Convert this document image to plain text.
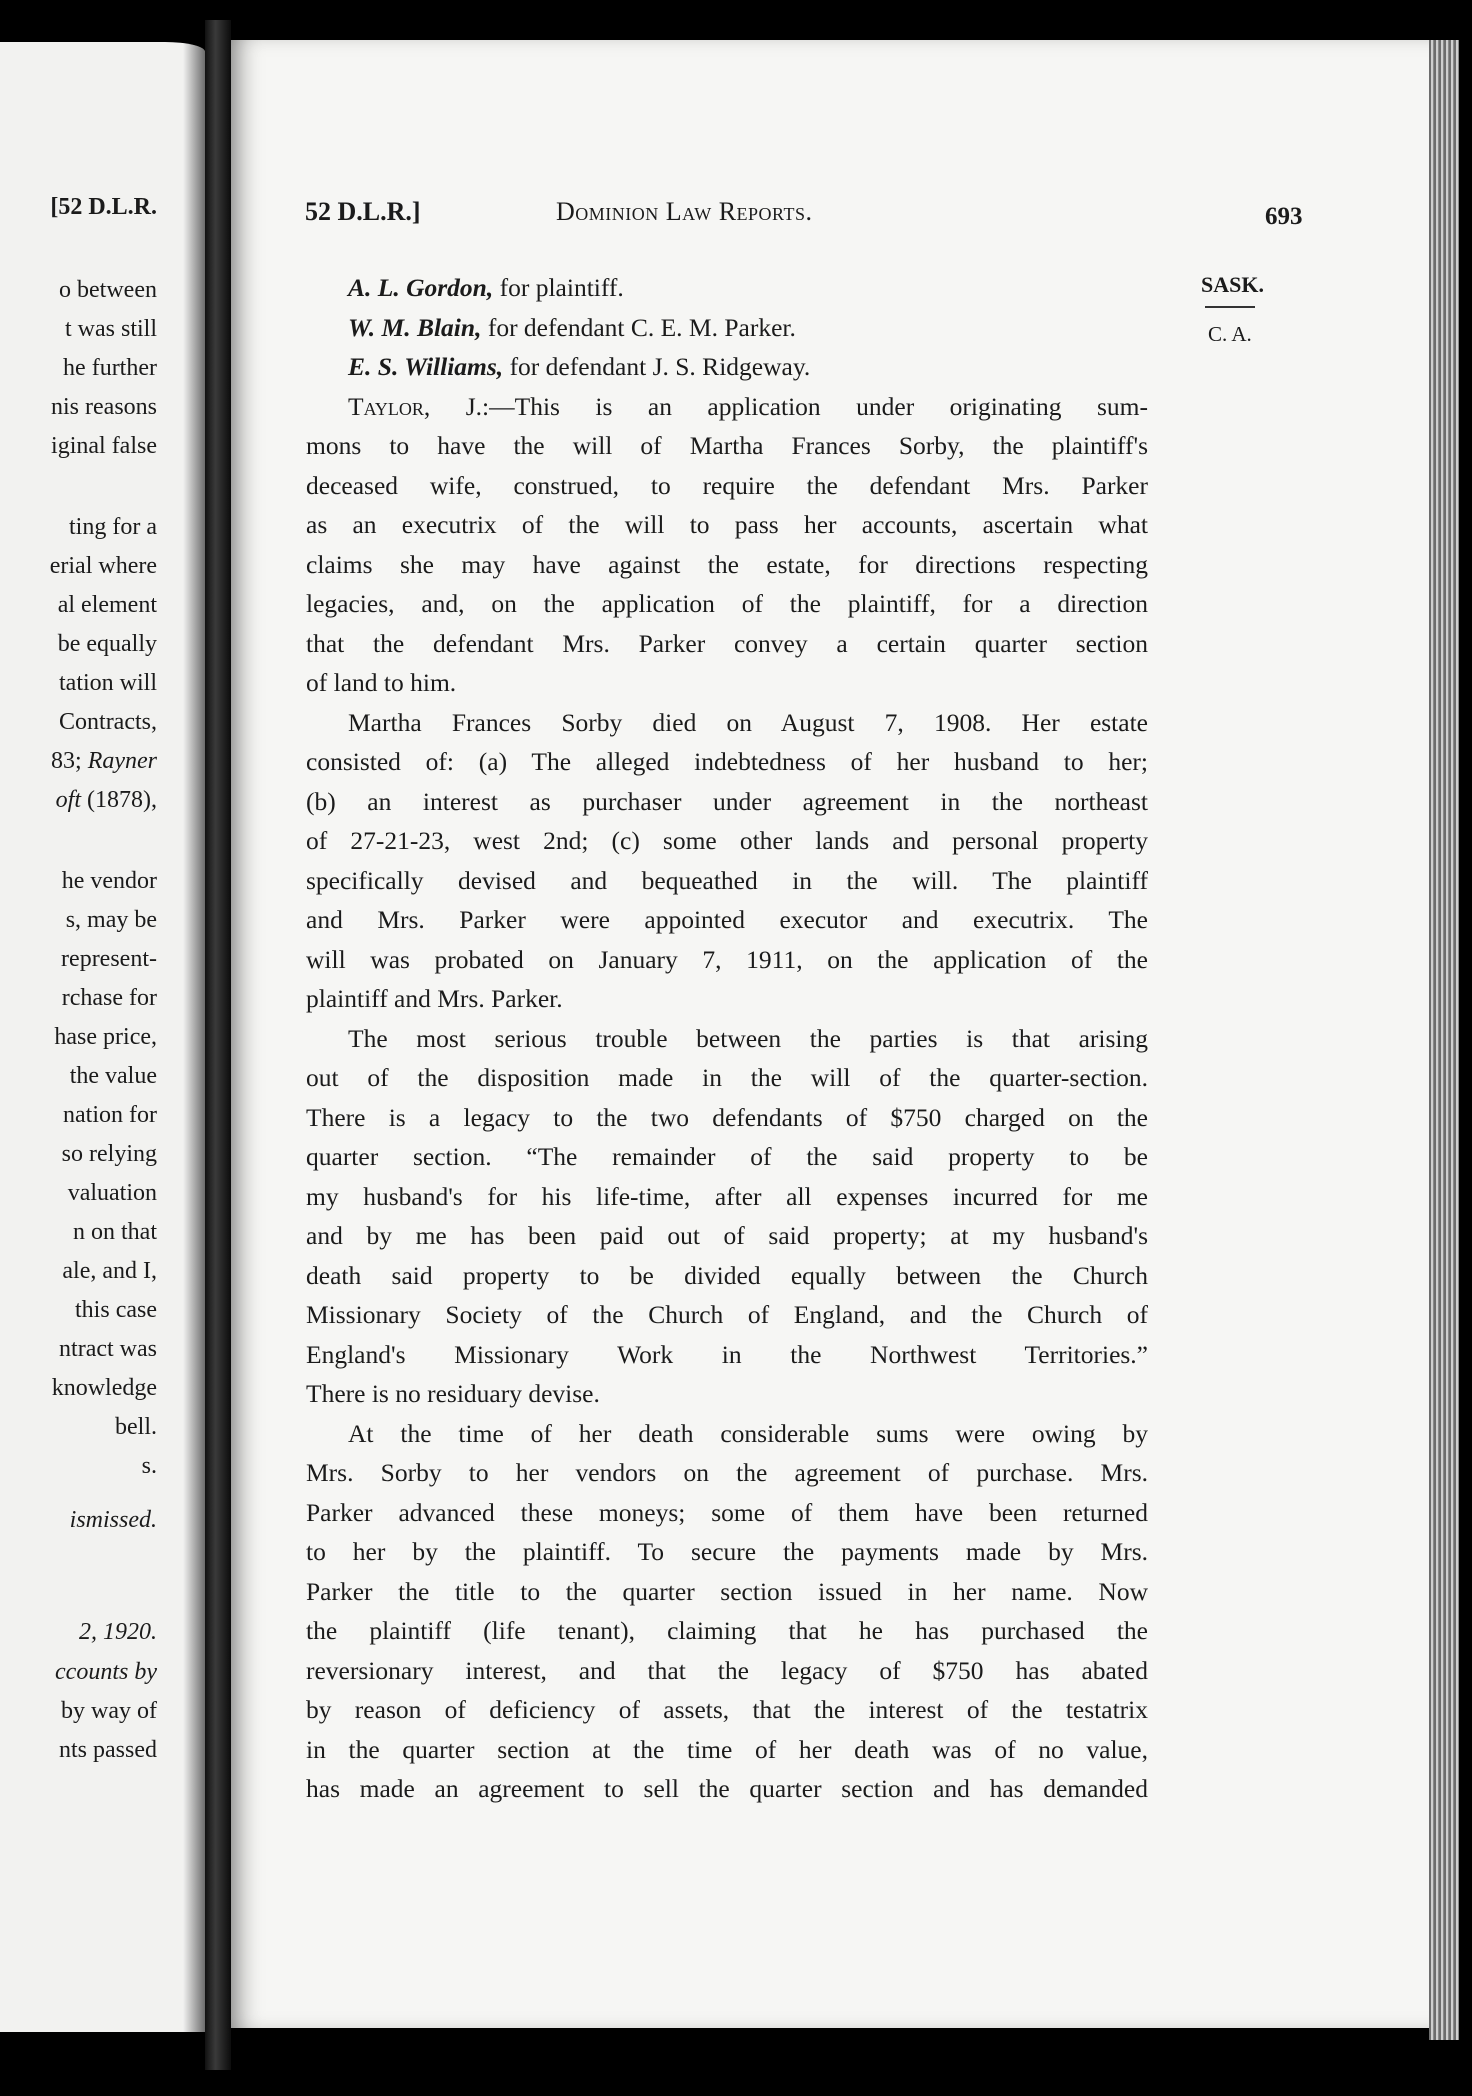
[52 D.L.R.
o between
t was still
he further
nis reasons
iginal false
ting for a
erial where
al element
be equally
tation will
Contracts,
83; Rayner
oft (1878),
he vendor
s, may be
represent-
rchase for
hase price,
the value
nation for
so relying
valuation
n on that
ale, and I,
this case
ntract was
knowledge
bell.
s.
ismissed.
2, 1920.
ccounts by
by way of
nts passed
52 D.L.R.]	Dominion Law Reports.	693
SASK.
C. A.
A. L. Gordon, for plaintiff.
W. M. Blain, for defendant C. E. M. Parker.
E. S. Williams, for defendant J. S. Ridgeway.
Taylor, J.:—This is an application under originating sum-
mons to have the will of Martha Frances Sorby, the plaintiff's
deceased wife, construed, to require the defendant Mrs. Parker
as an executrix of the will to pass her accounts, ascertain what
claims she may have against the estate, for directions respecting
legacies, and, on the application of the plaintiff, for a direction
that the defendant Mrs. Parker convey a certain quarter section
of land to him.
Martha Frances Sorby died on August 7, 1908. Her estate
consisted of: (a) The alleged indebtedness of her husband to her;
(b) an interest as purchaser under agreement in the northeast
of 27-21-23, west 2nd; (c) some other lands and personal property
specifically devised and bequeathed in the will. The plaintiff
and Mrs. Parker were appointed executor and executrix. The
will was probated on January 7, 1911, on the application of the
plaintiff and Mrs. Parker.
The most serious trouble between the parties is that arising
out of the disposition made in the will of the quarter-section.
There is a legacy to the two defendants of $750 charged on the
quarter section. “The remainder of the said property to be
my husband's for his life-time, after all expenses incurred for me
and by me has been paid out of said property; at my husband's
death said property to be divided equally between the Church
Missionary Society of the Church of England, and the Church of
England's Missionary Work in the Northwest Territories.”
There is no residuary devise.
At the time of her death considerable sums were owing by
Mrs. Sorby to her vendors on the agreement of purchase. Mrs.
Parker advanced these moneys; some of them have been returned
to her by the plaintiff. To secure the payments made by Mrs.
Parker the title to the quarter section issued in her name. Now
the plaintiff (life tenant), claiming that he has purchased the
reversionary interest, and that the legacy of $750 has abated
by reason of deficiency of assets, that the interest of the testatrix
in the quarter section at the time of her death was of no value,
has made an agreement to sell the quarter section and has demanded
